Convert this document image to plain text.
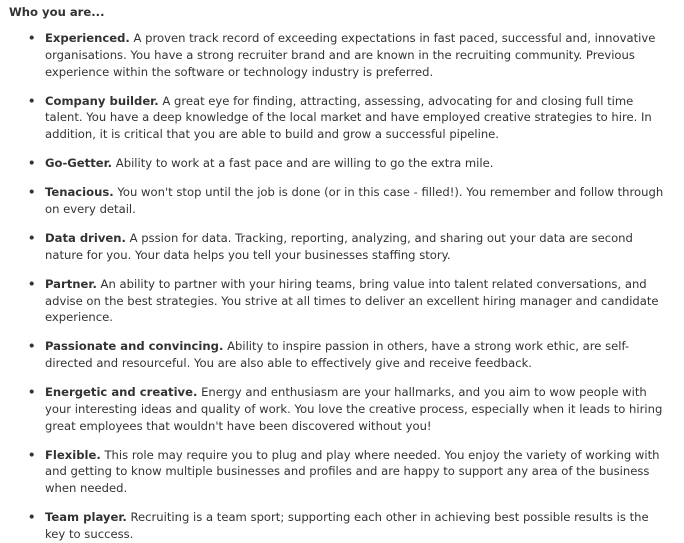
Who you are...
• Experienced. A proven track record of exceeding expectations in fast paced, successful and, innovative organisations. You have a strong recruiter brand and are known in the recruiting community. Previous experience within the software or technology industry is preferred.
• Company builder. A great eye for finding, attracting, assessing, advocating for and closing full time talent. You have a deep knowledge of the local market and have employed creative strategies to hire. In addition, it is critical that you are able to build and grow a successful pipeline.
• Go-Getter. Ability to work at a fast pace and are willing to go the extra mile.
• Tenacious. You won't stop until the job is done (or in this case - filled!). You remember and follow through on every detail.
• Data driven. A pssion for data. Tracking, reporting, analyzing, and sharing out your data are second nature for you. Your data helps you tell your businesses staffing story.
• Partner. An ability to partner with your hiring teams, bring value into talent related conversations, and advise on the best strategies. You strive at all times to deliver an excellent hiring manager and candidate experience.
• Passionate and convincing. Ability to inspire passion in others, have a strong work ethic, are self-directed and resourceful. You are also able to effectively give and receive feedback.
• Energetic and creative. Energy and enthusiasm are your hallmarks, and you aim to wow people with your interesting ideas and quality of work. You love the creative process, especially when it leads to hiring great employees that wouldn't have been discovered without you!
• Flexible. This role may require you to plug and play where needed. You enjoy the variety of working with and getting to know multiple businesses and profiles and are happy to support any area of the business when needed.
• Team player. Recruiting is a team sport; supporting each other in achieving best possible results is the key to success.
